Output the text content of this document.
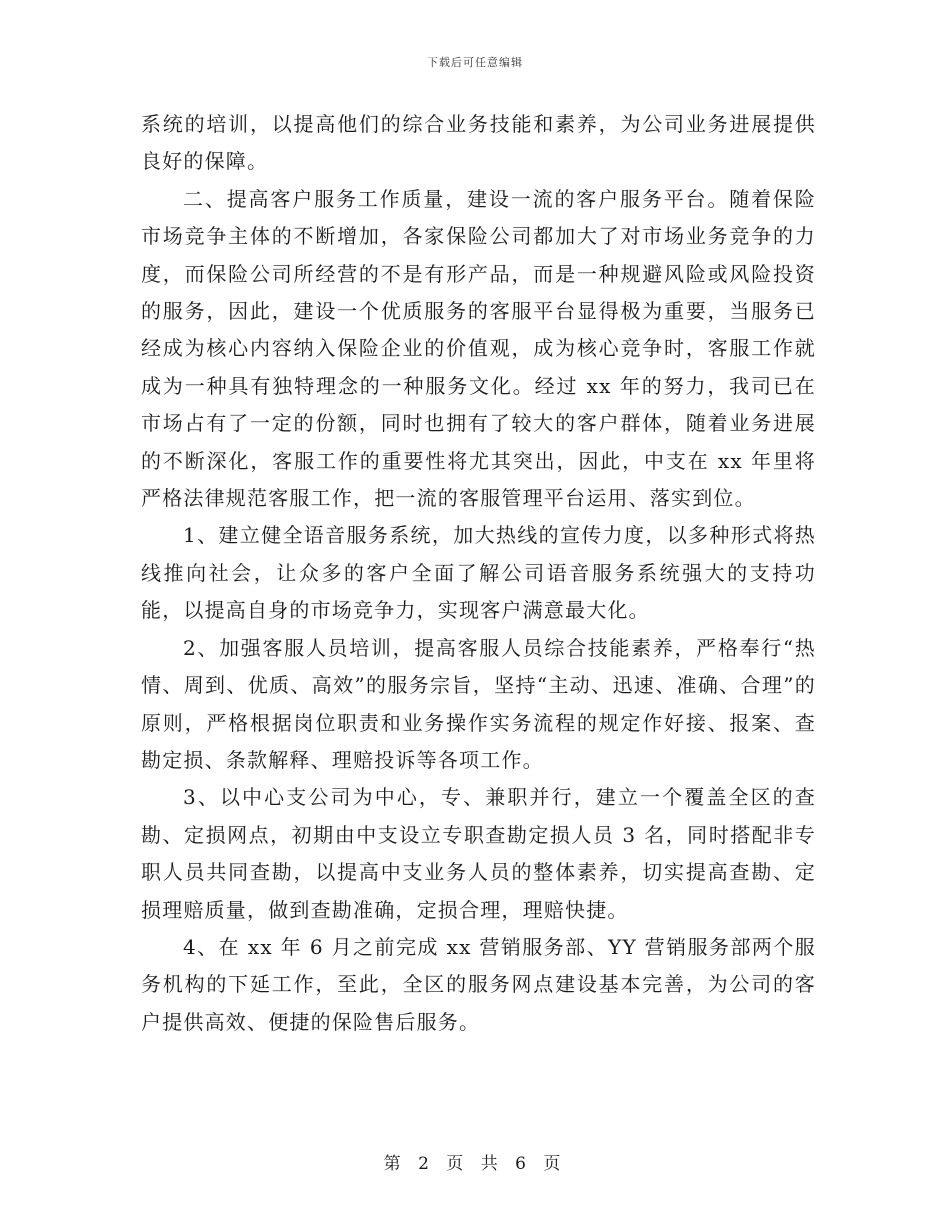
下载后可任意编辑

系统的培训，以提高他们的综合业务技能和素养，为公司业务进展提供良好的保障。

二、提高客户服务工作质量，建设一流的客户服务平台。随着保险市场竞争主体的不断增加，各家保险公司都加大了对市场业务竞争的力度，而保险公司所经营的不是有形产品，而是一种规避风险或风险投资的服务，因此，建设一个优质服务的客服平台显得极为重要，当服务已经成为核心内容纳入保险企业的价值观，成为核心竞争时，客服工作就成为一种具有独特理念的一种服务文化。经过 xx 年的努力，我司已在市场占有了一定的份额，同时也拥有了较大的客户群体，随着业务进展的不断深化，客服工作的重要性将尤其突出，因此，中支在 xx 年里将严格法律规范客服工作，把一流的客服管理平台运用、落实到位。

1、建立健全语音服务系统，加大热线的宣传力度，以多种形式将热线推向社会，让众多的客户全面了解公司语音服务系统强大的支持功能，以提高自身的市场竞争力，实现客户满意最大化。

2、加强客服人员培训，提高客服人员综合技能素养，严格奉行“热情、周到、优质、高效”的服务宗旨，坚持“主动、迅速、准确、合理”的原则，严格根据岗位职责和业务操作实务流程的规定作好接、报案、查勘定损、条款解释、理赔投诉等各项工作。

3、以中心支公司为中心，专、兼职并行，建立一个覆盖全区的查勘、定损网点，初期由中支设立专职查勘定损人员 3 名，同时搭配非专职人员共同查勘，以提高中支业务人员的整体素养，切实提高查勘、定损理赔质量，做到查勘准确，定损合理，理赔快捷。

4、在 xx 年 6 月之前完成 xx 营销服务部、YY 营销服务部两个服务机构的下延工作，至此，全区的服务网点建设基本完善，为公司的客户提供高效、便捷的保险售后服务。

第 2 页 共 6 页
